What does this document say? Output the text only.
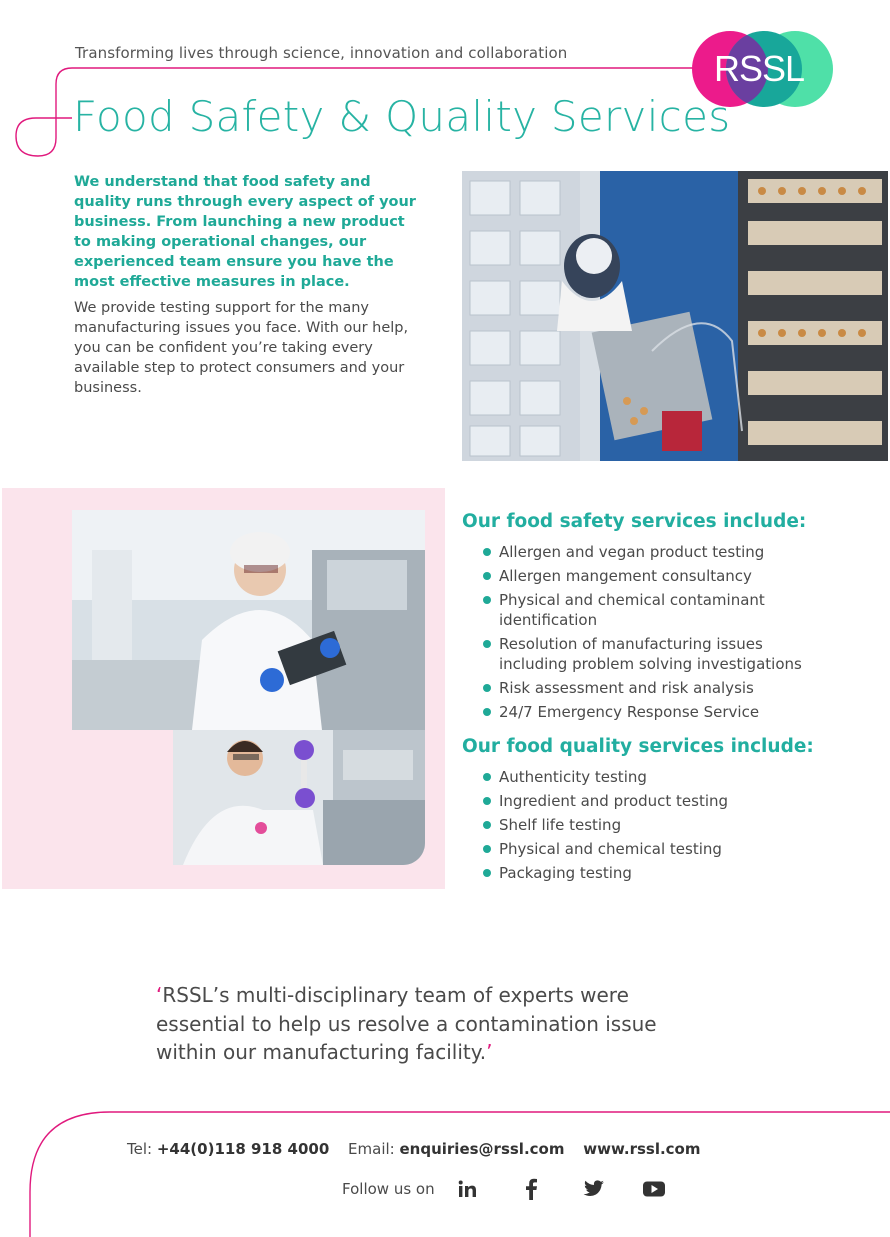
RSSL
Transforming lives through science, innovation and collaboration
Food Safety & Quality Services

We understand that food safety and quality runs through every aspect of your business. From launching a new product to making operational changes, our experienced team ensure you have the most effective measures in place.

We provide testing support for the many manufacturing issues you face. With our help, you can be confident you’re taking every available step to protect consumers and your business.

Our food safety services include:
Allergen and vegan product testing
Allergen mangement consultancy
Physical and chemical contaminant identification
Resolution of manufacturing issues including problem solving investigations
Risk assessment and risk analysis
24/7 Emergency Response Service
Our food quality services include:
Authenticity testing
Ingredient and product testing
Shelf life testing
Physical and chemical testing
Packaging testing
‘RSSL’s multi-disciplinary team of experts were essential to help us resolve a contamination issue within our manufacturing facility.’
Tel: +44(0)118 918 4000 Email: enquiries@rssl.com www.rssl.com
Follow us on
